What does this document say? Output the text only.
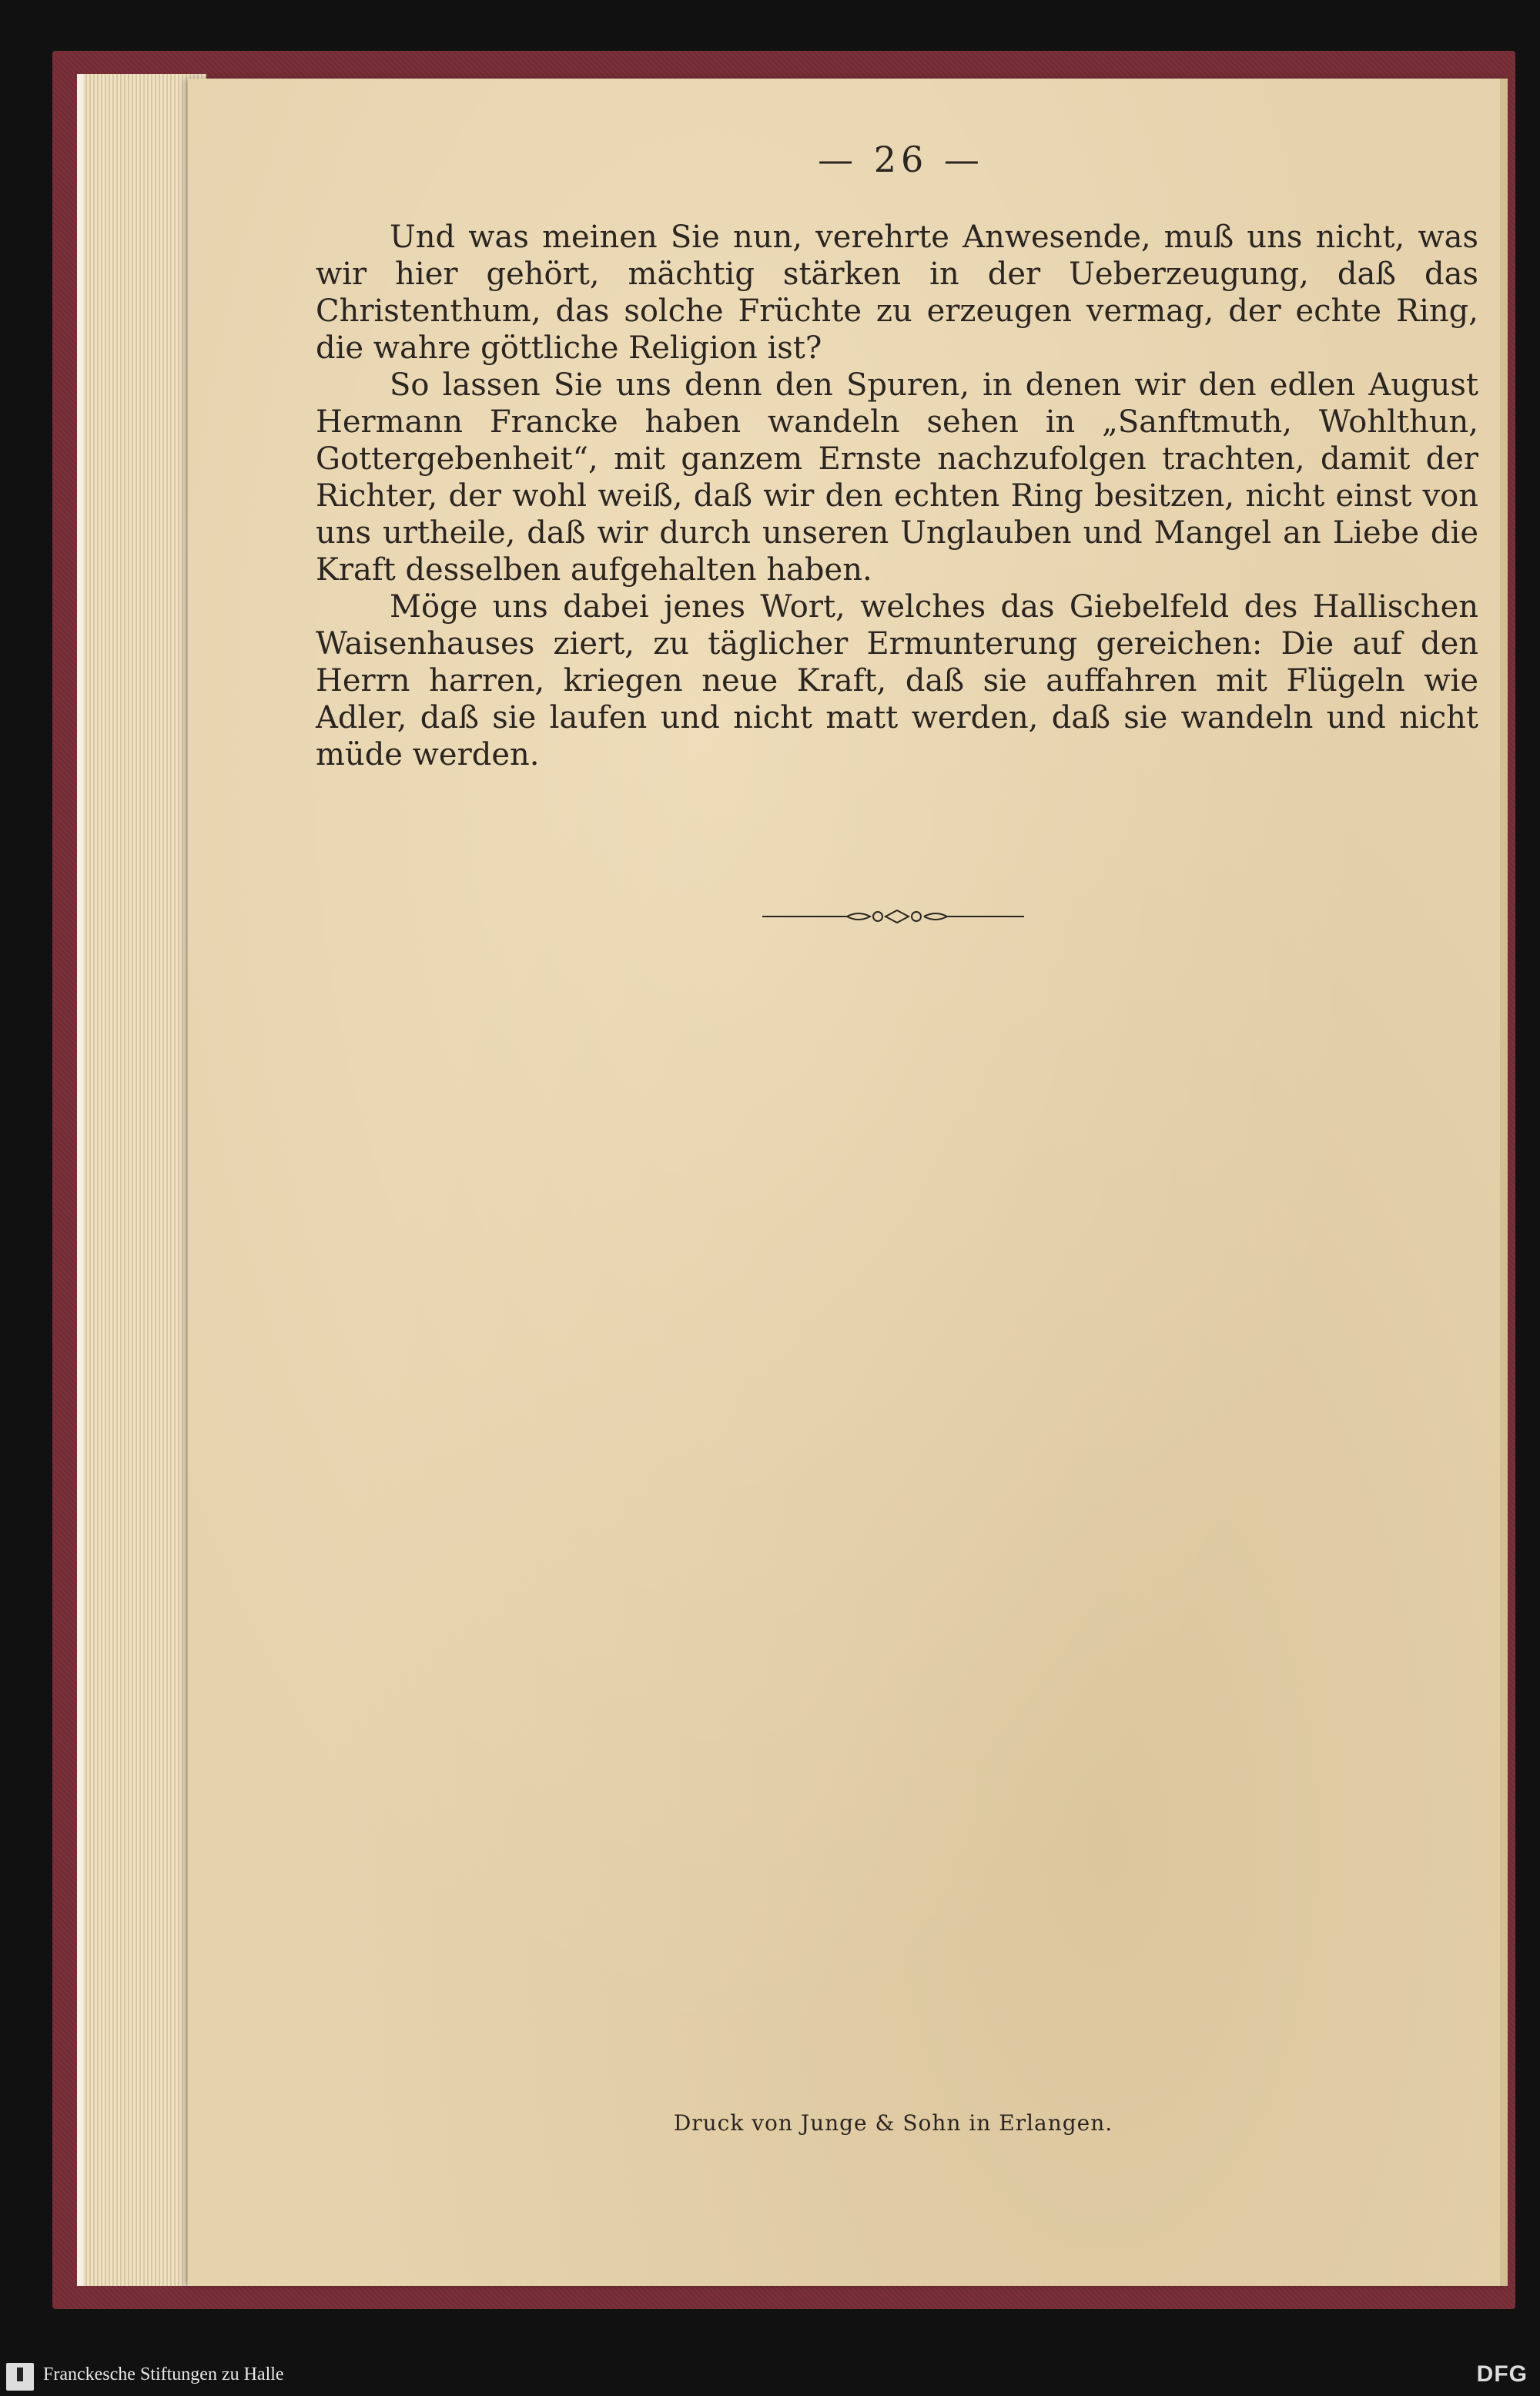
— 26 —

Und was meinen Sie nun, verehrte Anwesende, muß uns nicht, was wir hier gehört, mächtig stärken in der Ueberzeugung, daß das Christenthum, das solche Früchte zu erzeugen vermag, der echte Ring, die wahre göttliche Religion ist?

So lassen Sie uns denn den Spuren, in denen wir den edlen August Hermann Francke haben wandeln sehen in „Sanftmuth, Wohlthun, Gottergebenheit“, mit ganzem Ernste nachzufolgen trachten, damit der Richter, der wohl weiß, daß wir den echten Ring besitzen, nicht einst von uns urtheile, daß wir durch unseren Unglauben und Mangel an Liebe die Kraft desselben aufgehalten haben.

Möge uns dabei jenes Wort, welches das Giebelfeld des Hallischen Waisenhauses ziert, zu täglicher Ermunterung gereichen: Die auf den Herrn harren, kriegen neue Kraft, daß sie auffahren mit Flügeln wie Adler, daß sie laufen und nicht matt werden, daß sie wandeln und nicht müde werden.

Druck von Junge & Sohn in Erlangen.
Franckesche Stiftungen zu Halle	DFG
